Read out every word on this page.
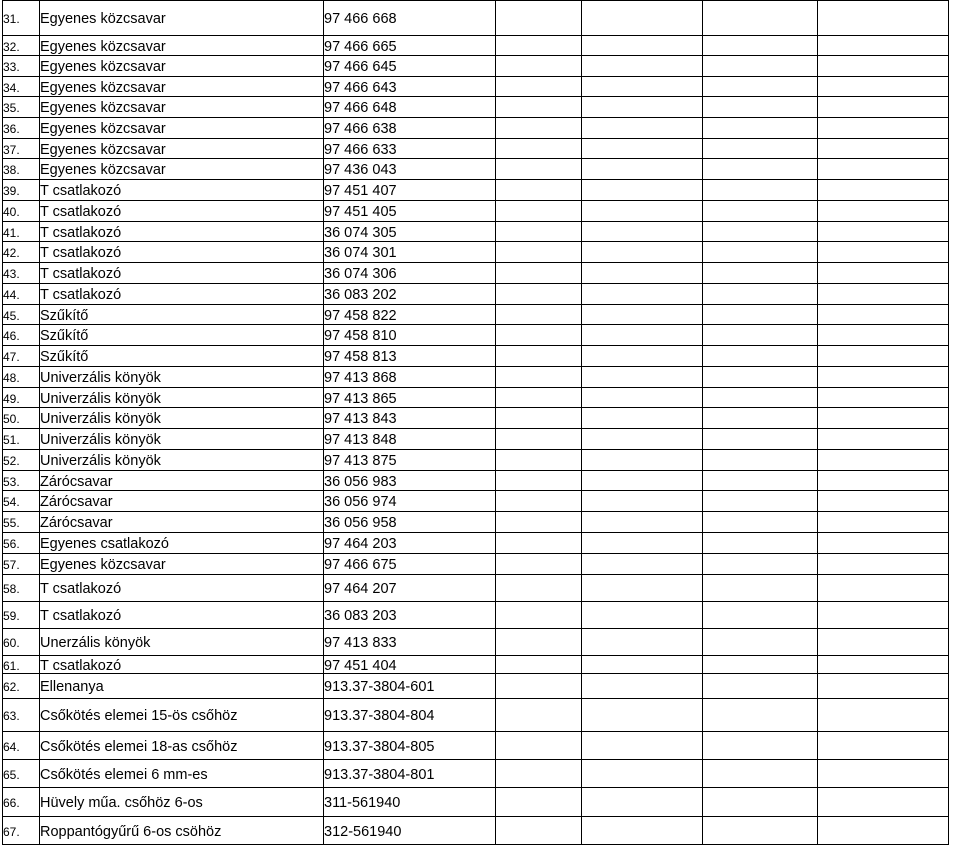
31.	Egyenes közcsavar	97 466 668				
32.	Egyenes közcsavar	97 466 665				
33.	Egyenes közcsavar	97 466 645				
34.	Egyenes közcsavar	97 466 643				
35.	Egyenes közcsavar	97 466 648				
36.	Egyenes közcsavar	97 466 638				
37.	Egyenes közcsavar	97 466 633				
38.	Egyenes közcsavar	97 436 043				
39.	T csatlakozó	97 451 407				
40.	T csatlakozó	97 451 405				
41.	T csatlakozó	36 074 305				
42.	T csatlakozó	36 074 301				
43.	T csatlakozó	36 074 306				
44.	T csatlakozó	36 083 202				
45.	Szűkítő	97 458 822				
46.	Szűkítő	97 458 810				
47.	Szűkítő	97 458 813				
48.	Univerzális könyök	97 413 868				
49.	Univerzális könyök	97 413 865				
50.	Univerzális könyök	97 413 843				
51.	Univerzális könyök	97 413 848				
52.	Univerzális könyök	97 413 875				
53.	Zárócsavar	36 056 983				
54.	Zárócsavar	36 056 974				
55.	Zárócsavar	36 056 958				
56.	Egyenes csatlakozó	97 464 203				
57.	Egyenes közcsavar	97 466 675				
58.	T csatlakozó	97 464 207				
59.	T csatlakozó	36 083 203				
60.	Unerzális könyök	97 413 833				
61.	T csatlakozó	97 451 404				
62.	Ellenanya	913.37-3804-601				
63.	Csőkötés elemei 15-ös csőhöz	913.37-3804-804				
64.	Csőkötés elemei 18-as csőhöz	913.37-3804-805				
65.	Csőkötés elemei 6 mm-es	913.37-3804-801				
66.	Hüvely műa. csőhöz 6-os	311-561940				
67.	Roppantógyűrű 6-os csöhöz	312-561940				
